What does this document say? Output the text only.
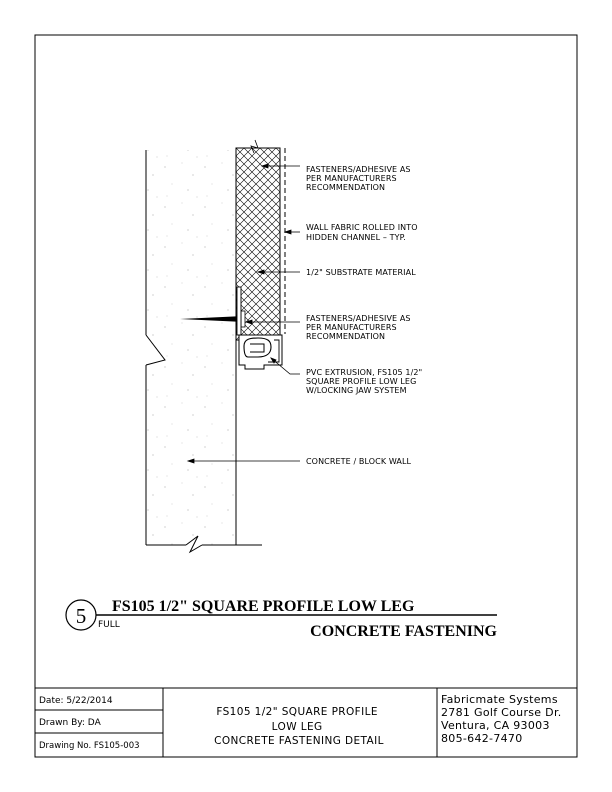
FASTENERS/ADHESIVE AS PER MANUFACTURERS RECOMMENDATION
WALL FABRIC ROLLED INTO HIDDEN CHANNEL – TYP.
1/2" SUBSTRATE MATERIAL
FASTENERS/ADHESIVE AS PER MANUFACTURERS RECOMMENDATION
PVC EXTRUSION, FS105 1/2" SQUARE PROFILE LOW LEG W/LOCKING JAW SYSTEM
CONCRETE / BLOCK WALL
5 FULL
FS105 1/2" SQUARE PROFILE LOW LEG
CONCRETE FASTENING
Date: 5/22/2014
Drawn By: DA
Drawing No. FS105-003
FS105 1/2" SQUARE PROFILE LOW LEG CONCRETE FASTENING DETAIL
Fabricmate Systems 2781 Golf Course Dr. Ventura, CA 93003 805-642-7470
